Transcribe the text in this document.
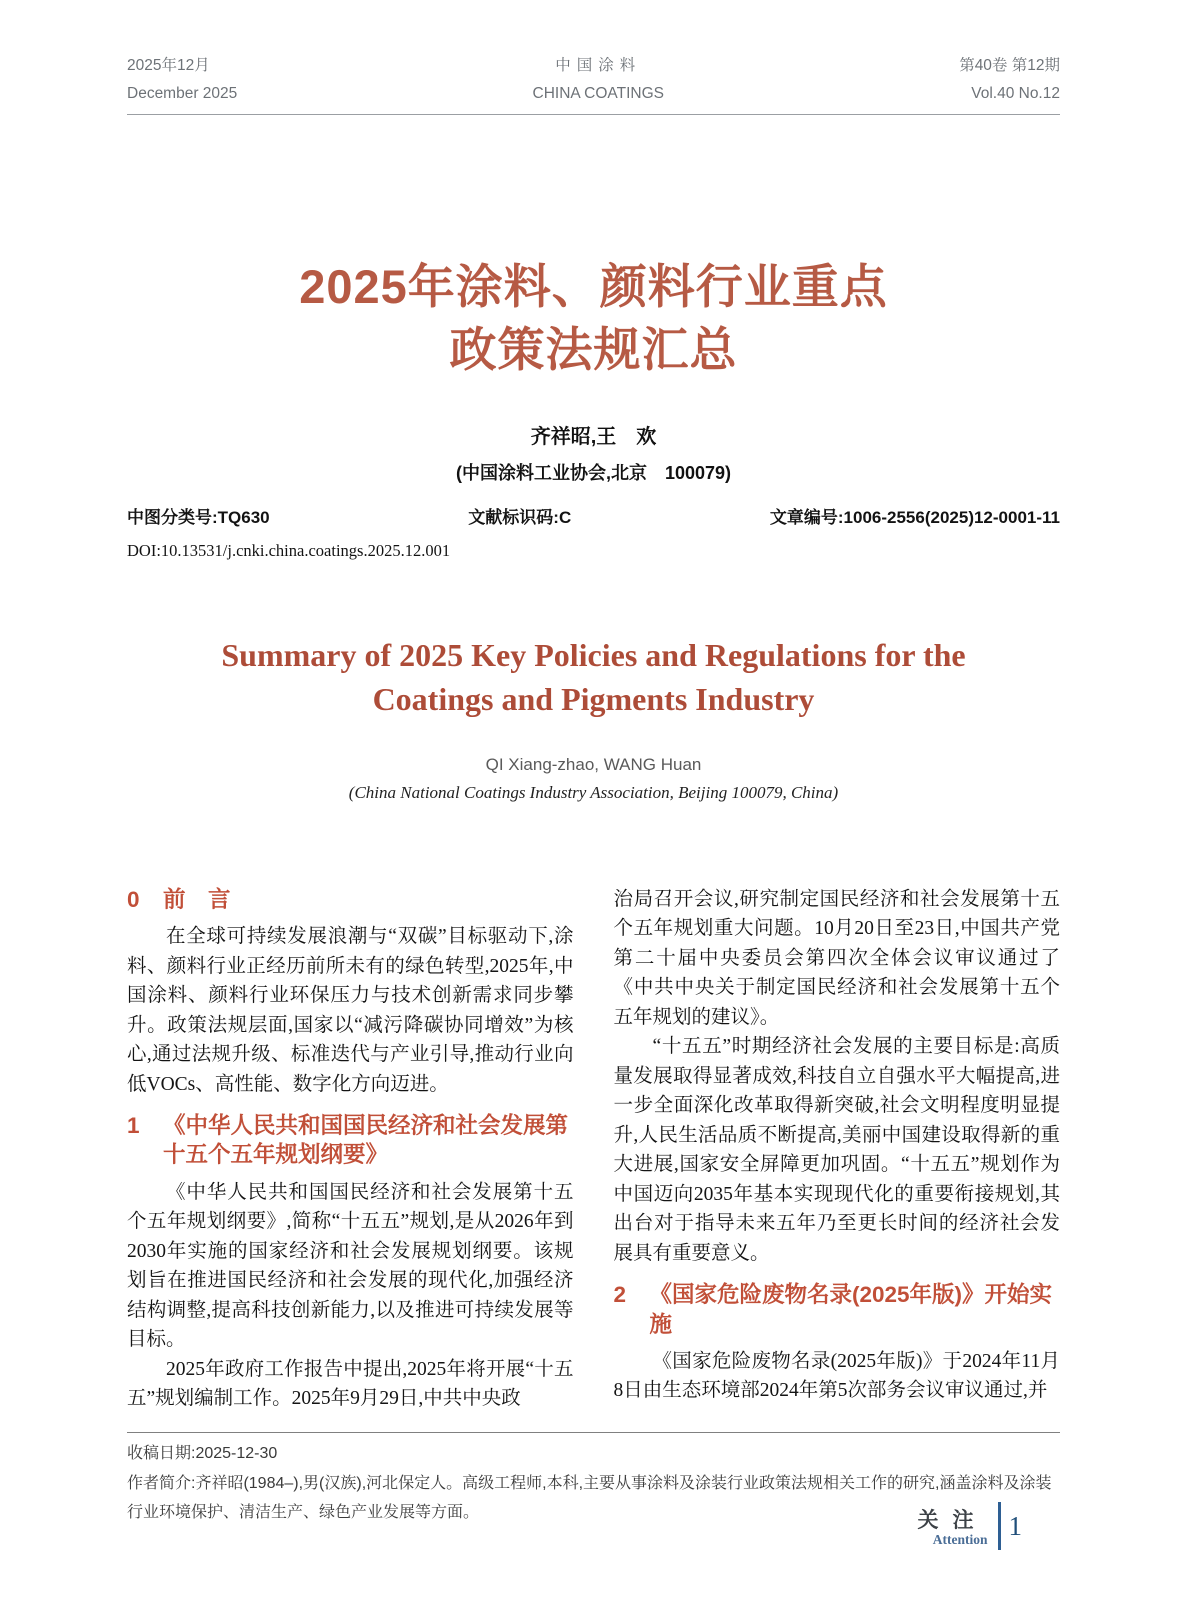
2025年12月
December 2025
中国涂料
CHINA COATINGS
第40卷 第12期
Vol.40 No.12
2025年涂料、颜料行业重点
政策法规汇总
齐祥昭,王　欢
(中国涂料工业协会,北京　100079)
中图分类号:TQ630	文献标识码:C	文章编号:1006-2556(2025)12-0001-11
DOI:10.13531/j.cnki.china.coatings.2025.12.001
Summary of 2025 Key Policies and Regulations for the
Coatings and Pigments Industry
QI Xiang-zhao, WANG Huan
(China National Coatings Industry Association, Beijing 100079, China)
0	前　言

在全球可持续发展浪潮与“双碳”目标驱动下,涂料、颜料行业正经历前所未有的绿色转型,2025年,中国涂料、颜料行业环保压力与技术创新需求同步攀升。政策法规层面,国家以“减污降碳协同增效”为核心,通过法规升级、标准迭代与产业引导,推动行业向低VOCs、高性能、数字化方向迈进。

1	《中华人民共和国国民经济和社会发展第十五个五年规划纲要》

《中华人民共和国国民经济和社会发展第十五个五年规划纲要》,简称“十五五”规划,是从2026年到2030年实施的国家经济和社会发展规划纲要。该规划旨在推进国民经济和社会发展的现代化,加强经济结构调整,提高科技创新能力,以及推进可持续发展等目标。

2025年政府工作报告中提出,2025年将开展“十五五”规划编制工作。2025年9月29日,中共中央政

治局召开会议,研究制定国民经济和社会发展第十五个五年规划重大问题。10月20日至23日,中国共产党第二十届中央委员会第四次全体会议审议通过了《中共中央关于制定国民经济和社会发展第十五个五年规划的建议》。

“十五五”时期经济社会发展的主要目标是:高质量发展取得显著成效,科技自立自强水平大幅提高,进一步全面深化改革取得新突破,社会文明程度明显提升,人民生活品质不断提高,美丽中国建设取得新的重大进展,国家安全屏障更加巩固。“十五五”规划作为中国迈向2035年基本实现现代化的重要衔接规划,其出台对于指导未来五年乃至更长时间的经济社会发展具有重要意义。

2	《国家危险废物名录(2025年版)》开始实施

《国家危险废物名录(2025年版)》于2024年11月8日由生态环境部2024年第5次部务会议审议通过,并

收稿日期:2025-12-30
作者简介:齐祥昭(1984–),男(汉族),河北保定人。高级工程师,本科,主要从事涂料及涂装行业政策法规相关工作的研究,涵盖涂料及涂装行业环境保护、清洁生产、绿色产业发展等方面。	关注
Attention 1
